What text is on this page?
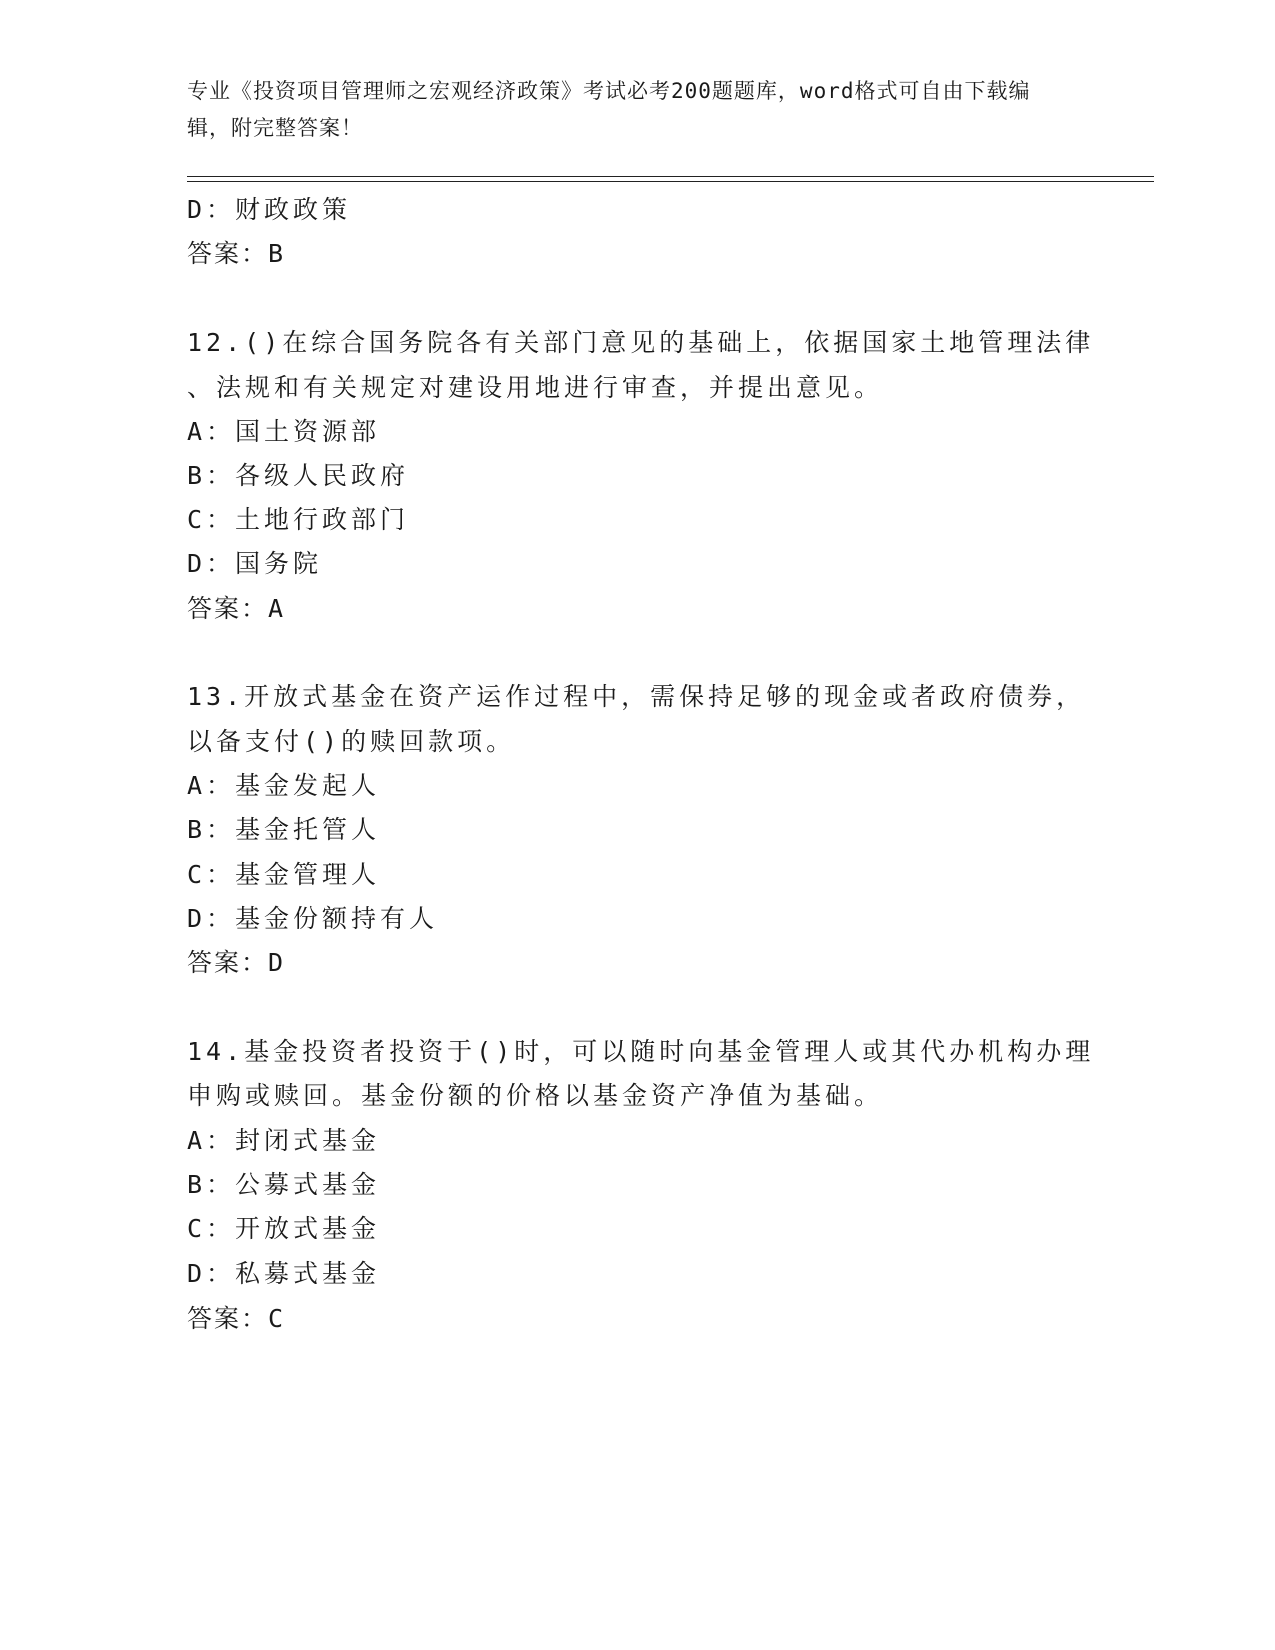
专业《投资项目管理师之宏观经济政策》考试必考200题题库，word格式可自由下载编辑，附完整答案！
D：财政政策
答案：B
12.()在综合国务院各有关部门意见的基础上，依据国家土地管理法律
、法规和有关规定对建设用地进行审查，并提出意见。
A：国土资源部
B：各级人民政府
C：土地行政部门
D：国务院
答案：A
13.开放式基金在资产运作过程中，需保持足够的现金或者政府债券，
以备支付()的赎回款项。
A：基金发起人
B：基金托管人
C：基金管理人
D：基金份额持有人
答案：D
14.基金投资者投资于()时，可以随时向基金管理人或其代办机构办理
申购或赎回。基金份额的价格以基金资产净值为基础。
A：封闭式基金
B：公募式基金
C：开放式基金
D：私募式基金
答案：C
